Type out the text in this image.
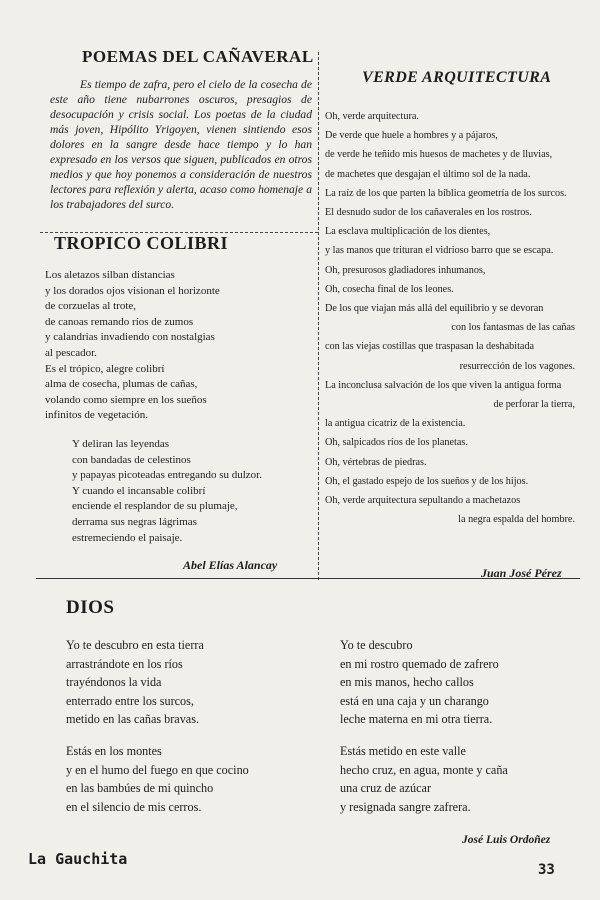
POEMAS DEL CAÑAVERAL

Es tiempo de zafra, pero el cielo de la cosecha de este año tiene nubarrones oscuros, presagios de desocupación y crisis social. Los poetas de la ciudad más joven, Hipólito Yrigoyen, vienen sintiendo esos dolores en la sangre desde hace tiempo y lo han expresado en los versos que siguen, publicados en otros medios y que hoy ponemos a consideración de nuestros lectores para reflexión y alerta, acaso como homenaje a los trabajadores del surco.

TROPICO COLIBRI
Los aletazos silban distancias
y los dorados ojos visionan el horizonte
de corzuelas al trote,
de canoas remando ríos de zumos
y calandrias invadiendo con nostalgias
al pescador.
Es el trópico, alegre colibrí
alma de cosecha, plumas de cañas,
volando como siempre en los sueños
infinitos de vegetación.
Y deliran las leyendas
con bandadas de celestinos
y papayas picoteadas entregando su dulzor.
Y cuando el incansable colibrí
enciende el resplandor de su plumaje,
derrama sus negras lágrimas
estremeciendo el paisaje.
Abel Elías Alancay
VERDE ARQUITECTURA
Oh, verde arquitectura.
De verde que huele a hombres y a pájaros,
de verde he teñido mis huesos de machetes y de lluvias,
de machetes que desgajan el último sol de la nada.
La raíz de los que parten la bíblica geometría de los surcos.
El desnudo sudor de los cañaverales en los rostros.
La esclava multiplicación de los dientes,
y las manos que trituran el vidrioso barro que se escapa.
Oh, presurosos gladiadores inhumanos,
Oh, cosecha final de los leones.
De los que viajan más allá del equilibrio y se devoran
con los fantasmas de las cañas
con las viejas costillas que traspasan la deshabitada
resurrección de los vagones.
La inconclusa salvación de los que viven la antigua forma
de perforar la tierra,
la antigua cicatriz de la existencia.
Oh, salpicados ríos de los planetas.
Oh, vértebras de piedras.
Oh, el gastado espejo de los sueños y de los hijos.
Oh, verde arquitectura sepultando a machetazos
la negra espalda del hombre.
Juan José Pérez
DIOS
Yo te descubro en esta tierra
arrastrándote en los ríos
trayéndonos la vida
enterrado entre los surcos,
metido en las cañas bravas.
Estás en los montes
y en el humo del fuego en que cocino
en las bambúes de mi quincho
en el silencio de mis cerros.
Yo te descubro
en mi rostro quemado de zafrero
en mis manos, hecho callos
está en una caja y un charango
leche materna en mi otra tierra.
Estás metido en este valle
hecho cruz, en agua, monte y caña
una cruz de azúcar
y resignada sangre zafrera.
José Luis Ordoñez
La Gauchita
33
